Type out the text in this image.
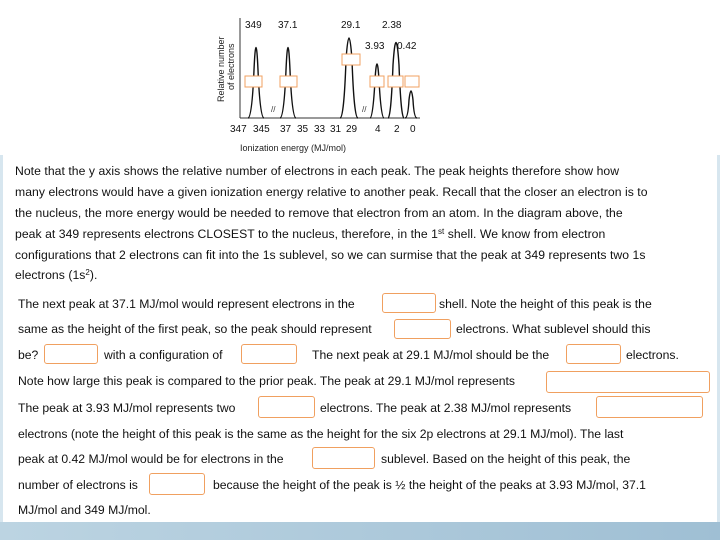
Relative number of electrons
//	//
349 37.1	29.1 2.38
3.93 0.42
347 345 37 35 33 31 29 4 2 0
Ionization energy (MJ/mol)
Note that the y axis shows the relative number of electrons in each peak. The peak heights therefore show how
many electrons would have a given ionization energy relative to another peak. Recall that the closer an electron is to
the nucleus, the more energy would be needed to remove that electron from an atom. In the diagram above, the
peak at 349 represents electrons CLOSEST to the nucleus, therefore, in the 1st shell. We know from electron
configurations that 2 electrons can fit into the 1s sublevel, so we can surmise that the peak at 349 represents two 1s
electrons $(1s^2)$.
The next peak at 37.1 MJ/mol would represent electrons in the	shell. Note the height of this peak is the
same as the height of the first peak, so the peak should represent	electrons. What sublevel should this
be?	with a configuration of	The next peak at 29.1 MJ/mol should be the	electrons.
Note how large this peak is compared to the prior peak. The peak at 29.1 MJ/mol represents
The peak at 3.93 MJ/mol represents two	electrons. The peak at 2.38 MJ/mol represents
electrons (note the height of this peak is the same as the height for the six 2p electrons at 29.1 MJ/mol). The last
peak at 0.42 MJ/mol would be for electrons in the	sublevel. Based on the height of this peak, the
number of electrons is	because the height of the peak is ½ the height of the peaks at 3.93 MJ/mol, 37.1
MJ/mol and 349 MJ/mol.
